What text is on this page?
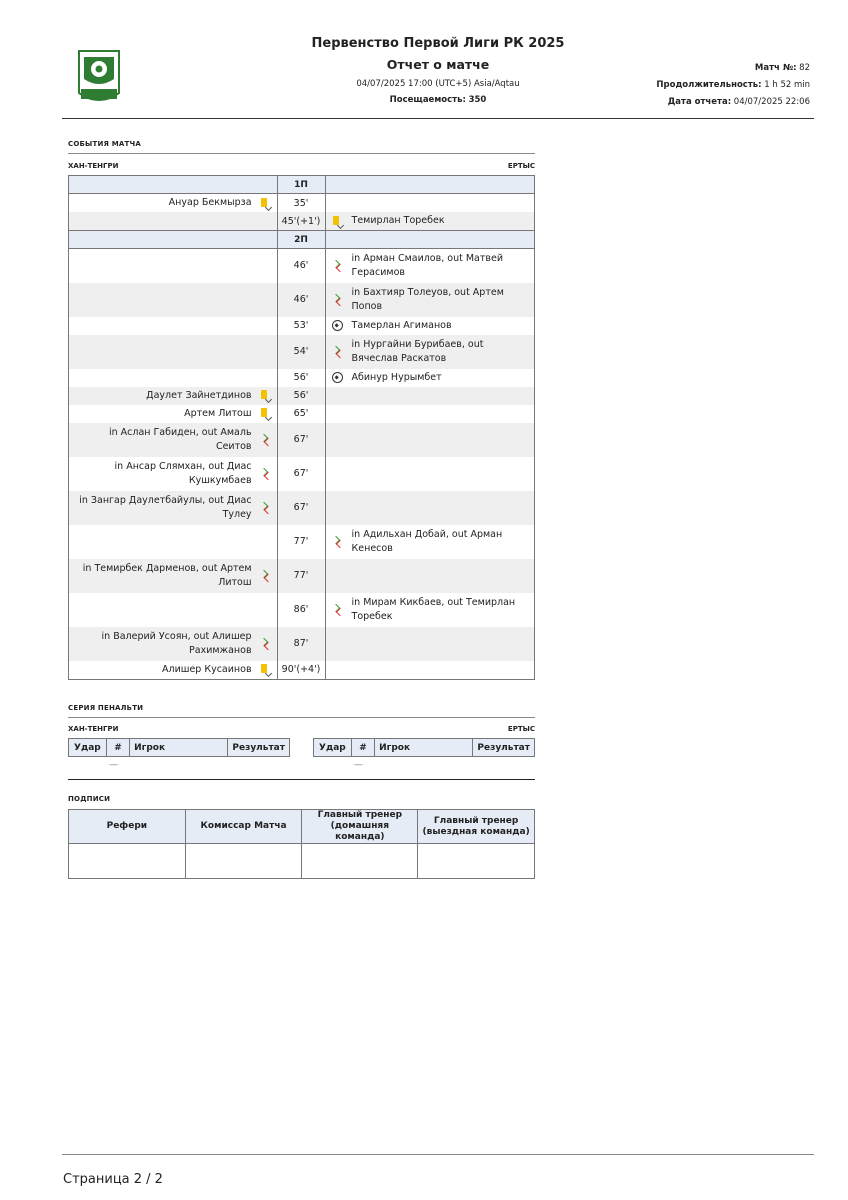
Первенство Первой Лиги РК 2025
Отчет о матче
04/07/2025 17:00 (UTC+5) Asia/Aqtau
Посещаемость: 350
Матч №: 82
Продолжительность: 1 h 52 min
Дата отчета: 04/07/2025 22:06
СОБЫТИЯ МАТЧА
ХАН-ТЕНГРИ	ЕРТЫС
	1П	

Ануар Бекмырза	35'	
	45'(+1')	Темирлан Торебек

	2П	
	46'	in Арман Смаилов, out Матвей Герасимов

	46'	in Бахтияр Толеуов, out Артем Попов

	53'	Тамерлан Агиманов

	54'	in Нургайни Бурибаев, out Вячеслав Раскатов

	56'	Абинур Нурымбет

Даулет Зайнетдинов	56'	

Артем Литош	65'	

in Аслан Габиден, out Амаль Сеитов	67'	

in Ансар Слямхан, out Диас Кушкумбаев	67'	

in Зангар Даулетбайулы, out Диас Тулеу	67'	
	77'	in Адильхан Добай, out Арман Кенесов

in Темирбек Дарменов, out Артем Литош	77'	
	86'	in Мирам Кикбаев, out Темирлан Торебек

in Валерий Усоян, out Алишер Рахимжанов	87'	

Алишер Кусаинов	90'(+4')	
СЕРИЯ ПЕНАЛЬТИ
ХАН-ТЕНГРИ	ЕРТЫС
Удар	#	Игрок	Результат	Удар	#	Игрок	Результат
—	—
ПОДПИСИ
Рефери	Комиссар Матча	Главный тренер (домашняя команда)	Главный тренер (выездная команда)

Страница 2 / 2
